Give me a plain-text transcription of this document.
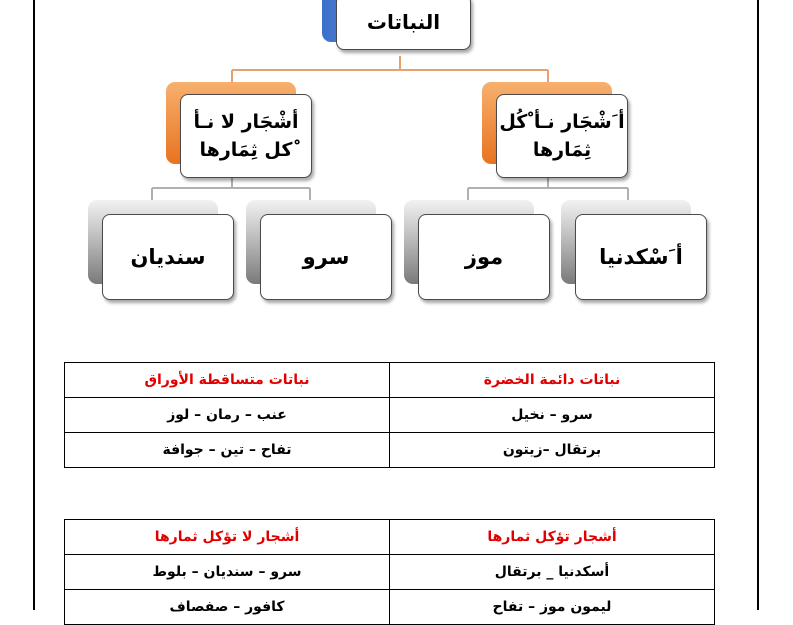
النباتات
أ َشْجَار نـأ ْكُل ثِمَارها
أشْجَار لا نـأ ْكل ثِمَارها
أ َسْكدنيا
موز
سرو
سنديان
نباتات دائمة الخضرة	نباتات متساقطة الأوراق
سرو – نخيل	عنب – رمان – لوز
برتقال –زيتون	تفاح – تين – جوافة
أشجار تؤكل ثمارها	أشجار لا تؤكل ثمارها
أسكدنيا _ برتقال	سرو – سنديان – بلوط
ليمون موز – تفاح	كافور – صفصاف
